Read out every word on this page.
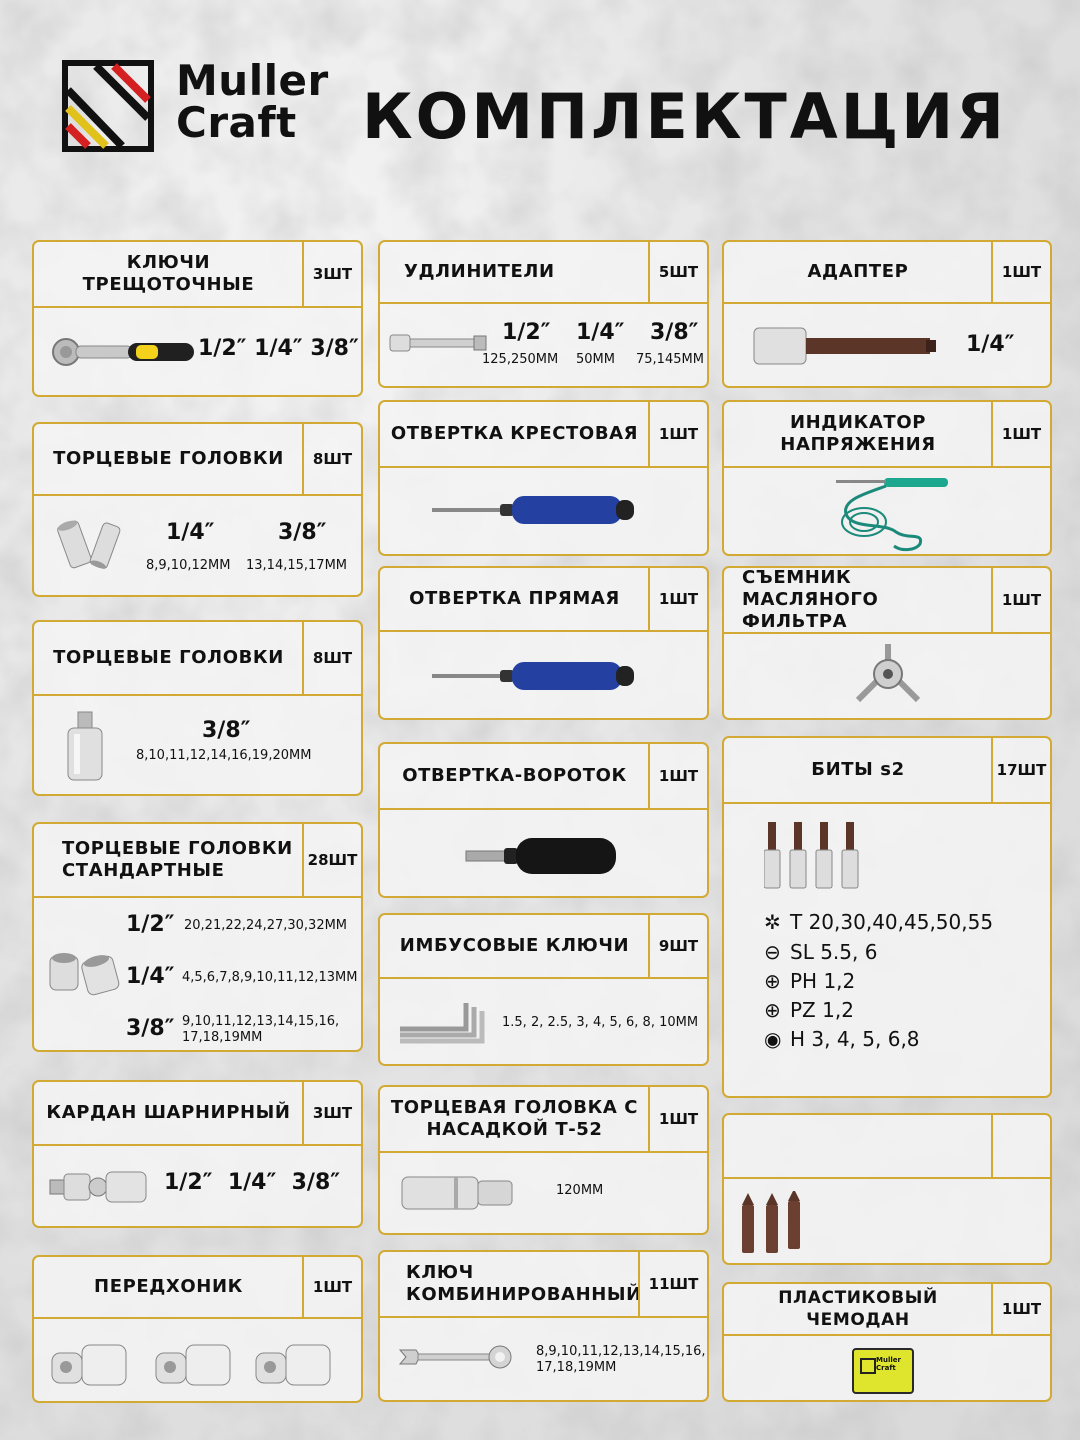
Muller
Craft	КОМПЛЕКТАЦИЯ
КЛЮЧИ ТРЕЩОТОЧНЫЕ	3ШТ
1/2″ 1/4″ 3/8″
ТОРЦЕВЫЕ ГОЛОВКИ	8ШТ
1/4″
8,9,10,12ММ
3/8″
13,14,15,17ММ
ТОРЦЕВЫЕ ГОЛОВКИ	8ШТ
3/8″
8,10,11,12,14,16,19,20ММ
ТОРЦЕВЫЕ ГОЛОВКИ СТАНДАРТНЫЕ	28ШТ
1/2″ 20,21,22,24,27,30,32ММ
1/4″ 4,5,6,7,8,9,10,11,12,13ММ
3/8″ 9,10,11,12,13,14,15,16,
17,18,19ММ
КАРДАН ШАРНИРНЫЙ	3ШТ
1/2″ 1/4″ 3/8″
ПЕРЕДХОНИК	1ШТ
УДЛИНИТЕЛИ	5ШТ
1/2″
125,250ММ
1/4″
50ММ
3/8″
75,145ММ
ОТВЕРТКА КРЕСТОВАЯ	1ШТ
ОТВЕРТКА ПРЯМАЯ	1ШТ
ОТВЕРТКА-ВОРОТОК	1ШТ
ИМБУСОВЫЕ КЛЮЧИ	9ШТ
1.5, 2, 2.5, 3, 4, 5, 6, 8, 10ММ
ТОРЦЕВАЯ ГОЛОВКА С НАСАДКОЙ Т-52	1ШТ
120ММ
КЛЮЧ КОМБИНИРОВАННЫЙ 11ШТ
8,9,10,11,12,13,14,15,16,
17,18,19ММ
АДАПТЕР	1ШТ
1/4″
ИНДИКАТОР НАПРЯЖЕНИЯ	1ШТ
СЪЕМНИК МАСЛЯНОГО ФИЛЬТРА
1ШТ
БИТЫ s2	17ШТ
✲ T 20,30,40,45,50,55
⊖ SL 5.5, 6
⊕ PH 1,2
⊕ PZ 1,2
◉ H 3, 4, 5, 6,8
ПЛАСТИКОВЫЙ ЧЕМОДАН
1ШТ
Muller Craft
